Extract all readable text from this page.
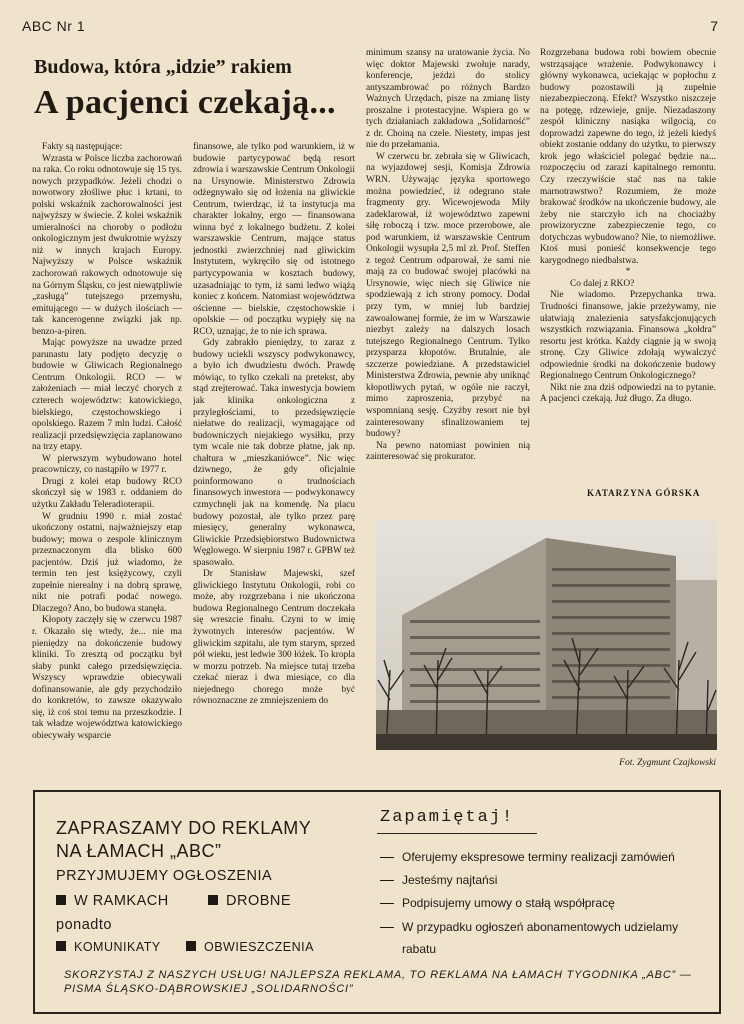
ABC Nr 1	7
Budowa, która „idzie” rakiem
A pacjenci czekają...

Fakty są następujące:

Wzrasta w Polsce liczba zachorowań na raka. Co roku odnotowuje się 15 tys. nowych przypadków. Jeżeli chodzi o nowotwory złośliwe płuc i krtani, to polski wskaźnik zachorowalności jest najwyższy w świecie. Z kolei wskaźnik umieralności na choroby o podłożu onkologicznym jest dwukrotnie wyższy niż w innych krajach Europy. Najwyższy w Polsce wskaźnik zachorowań rakowych odnotowuje się na Górnym Śląsku, co jest niewątpliwie „zasługą” tutejszego przemysłu, emitującego — w dużych ilościach — tak kancerogenne związki jak np. benzo-a-piren.

Mając powyższe na uwadze przed parunastu laty podjęto decyzję o budowie w Gliwicach Regionalnego Centrum Onkologii. RCO — w założeniach — miał leczyć chorych z czterech województw: katowickiego, bielskiego, częstochowskiego i opolskiego. Razem 7 mln ludzi. Całość realizacji przedsięwzięcia zaplanowano na trzy etapy.

W pierwszym wybudowano hotel pracowniczy, co nastąpiło w 1977 r.

Drugi z kolei etap budowy RCO skończył się w 1983 r. oddaniem do użytku Zakładu Teleradioterapii.

W grudniu 1990 r. miał zostać ukończony ostatni, najważniejszy etap budowy; mowa o zespole klinicznym przeznaczonym dla blisko 600 pacjentów. Dziś już wiadomo, że termin ten jest księżycowy, czyli zupełnie nierealny i na dobrą sprawę, nikt nie potrafi podać nowego. Dlaczego? Ano, bo budowa stanęła.

Kłopoty zaczęły się w czerwcu 1987 r. Okazało się wtedy, że... nie ma pieniędzy na dokończenie budowy kliniki. To zresztą od początku był słaby punkt całego przedsięwzięcia. Wszyscy wprawdzie obiecywali dofinansowanie, ale gdy przychodziło do konkretów, to zawsze okazywało się, iż coś stoi temu na przeszkodzie. I tak władze województwa katowickiego obiecywały wsparcie

finansowe, ale tylko pod warunkiem, iż w budowie partycypować będą resort zdrowia i warszawskie Centrum Onkologii na Ursynowie. Ministerstwo Zdrowia odżegnywało się od łożenia na gliwickie Centrum, twierdząc, iż ta instytucja ma charakter lokalny, ergo — finansowana winna być z lokalnego budżetu. Z kolei warszawskie Centrum, mające status jednostki zwierzchniej nad gliwickim Instytutem, wykręciło się od istotnego partycypowania w kosztach budowy, uzasadniając to tym, iż sami ledwo wiążą koniec z końcem. Natomiast województwa ościenne — bielskie, częstochowskie i opolskie — od początku wypięły się na RCO, uznając, że to nie ich sprawa.

Gdy zabrakło pieniędzy, to zaraz z budowy uciekli wszyscy podwykonawcy, a było ich dwudziestu dwóch. Prawdę mówiąc, to tylko czekali na pretekst, aby stąd zrejterować. Taka inwestycja bowiem jak klinika onkologiczna z przyległościami, to przedsięwzięcie niełatwe do realizacji, wymagające od budowniczych niejakiego wysiłku, przy tym wcale nie tak dobrze płatne, jak np. chałtura w „mieszkaniówce”. Nic więc dziwnego, że gdy oficjalnie poinformowano o trudnościach finansowych inwestora — podwykonawcy czmychnęli jak na komendę. Na placu budowy pozostał, ale tylko przez parę miesięcy, generalny wykonawca, Gliwickie Przedsiębiorstwo Budownictwa Węglowego. W sierpniu 1987 r. GPBW też spasowało.

Dr Stanisław Majewski, szef gliwickiego Instytutu Onkologii, robi co może, aby rozgrzebana i nie ukończona budowa Regionalnego Centrum doczekała się wreszcie finału. Czyni to w imię żywotnych interesów pacjentów. W gliwickim szpitalu, ale tym starym, sprzed pół wieku, jest ledwie 300 łóżek. To kropla w morzu potrzeb. Na miejsce tutaj trzeba czekać nieraz i dwa miesiące, co dla niejednego chorego może być równoznaczne ze zmniejszeniem do

minimum szansy na uratowanie życia. No więc doktor Majewski zwołuje narady, konferencje, jeździ do stolicy antyszambrować po różnych Bardzo Ważnych Urzędach, pisze na zmianę listy proszalne i protestacyjne. Wspiera go w tych działaniach zakładowa „Solidarność” z dr. Choiną na czele. Niestety, impas jest nie do przełamania.

W czerwcu br. zebrała się w Gliwicach, na wyjazdowej sesji, Komisja Zdrowia WRN. Używając języka sportowego można powiedzieć, iż odegrano stałe fragmenty gry. Wicewojewoda Miły zadeklarował, iż województwo zapewni siłę roboczą i tzw. moce przerobowe, ale pod warunkiem, iż warszawskie Centrum Onkologii wysupła 2,5 ml zł. Prof. Steffen z tegoż Centrum odparował, że sami nie mają za co budować swojej placówki na Ursynowie, więc niech się Gliwice nie spodziewają z ich strony pomocy. Dodał przy tym, w mniej lub bardziej zawoalowanej formie, że im w Warszawie niezbyt zależy na dalszych losach tutejszego Regionalnego Centrum. Tylko przysparza kłopotów. Brutalnie, ale szczerze powiedziane. A przedstawiciel Ministerstwa Zdrowia, pewnie aby uniknąć kłopotliwych pytań, w ogóle nie raczył, mimo zaproszenia, przybyć na wspomnianą sesję. Czyżby resort nie był zainteresowany sfinalizowaniem tej budowy?

Na pewno natomiast powinien nią zainteresować się prokurator.

Rozgrzebana budowa robi bowiem obecnie wstrząsające wrażenie. Podwykonawcy i główny wykonawca, uciekając w popłochu z budowy pozostawili ją zupełnie niezabezpieczoną. Efekt? Wszystko niszczeje na potęgę, rdzewieje, gnije. Niezadaszony zespół kliniczny nasiąka wilgocią, co doprowadzi zapewne do tego, iż jeżeli kiedyś obiekt zostanie oddany do użytku, to pierwszy krok jego właściciel polegać będzie na... rozpoczęciu od zarazi kapitalnego remontu. Czy rzeczywiście stać nas na takie marnotrawstwo? Rozumiem, że może brakować środków na ukończenie budowy, ale żeby nie starczyło ich na chociażby prowizoryczne zabezpieczenie tego, co dotychczas wybudowano? Nie, to niemożliwe. Ktoś musi ponieść konsekwencje tego karygodnego niedbalstwa.

*

Co dalej z RKO?

Nie wiadomo. Przepychanka trwa. Trudności finansowe, jakie przeżywamy, nie ułatwiają znalezienia satysfakcjonujących wszystkich rozwiązania. Finansowa „kołdra” resortu jest krótka. Każdy ciągnie ją w swoją stronę. Czy Gliwice zdołają wywalczyć odpowiednie środki na dokończenie budowy Regionalnego Centrum Onkologicznego?

Nikt nie zna dziś odpowiedzi na to pytanie. A pacjenci czekają. Już długo. Za długo.

KATARZYNA GÓRSKA
Fot. Zygmunt Czajkowski
ZAPRASZAMY DO REKLAMY
NA ŁAMACH „ABC”
PRZYJMUJEMY OGŁOSZENIA
W RAMKACH	DROBNE
ponadto
KOMUNIKATY	OBWIESZCZENIA
Zapamiętaj!
Oferujemy ekspresowe terminy realizacji zamówień
Jesteśmy najtańsi
Podpisujemy umowy o stałą współpracę
W przypadku ogłoszeń abonamentowych udzielamy
rabatu
SKORZYSTAJ Z NASZYCH USŁUG! NAJLEPSZA REKLAMA, TO REKLAMA NA ŁAMACH TYGODNIKA „ABC” — PISMA ŚLĄSKO-DĄBROWSKIEJ „SOLIDARNOŚCI”
